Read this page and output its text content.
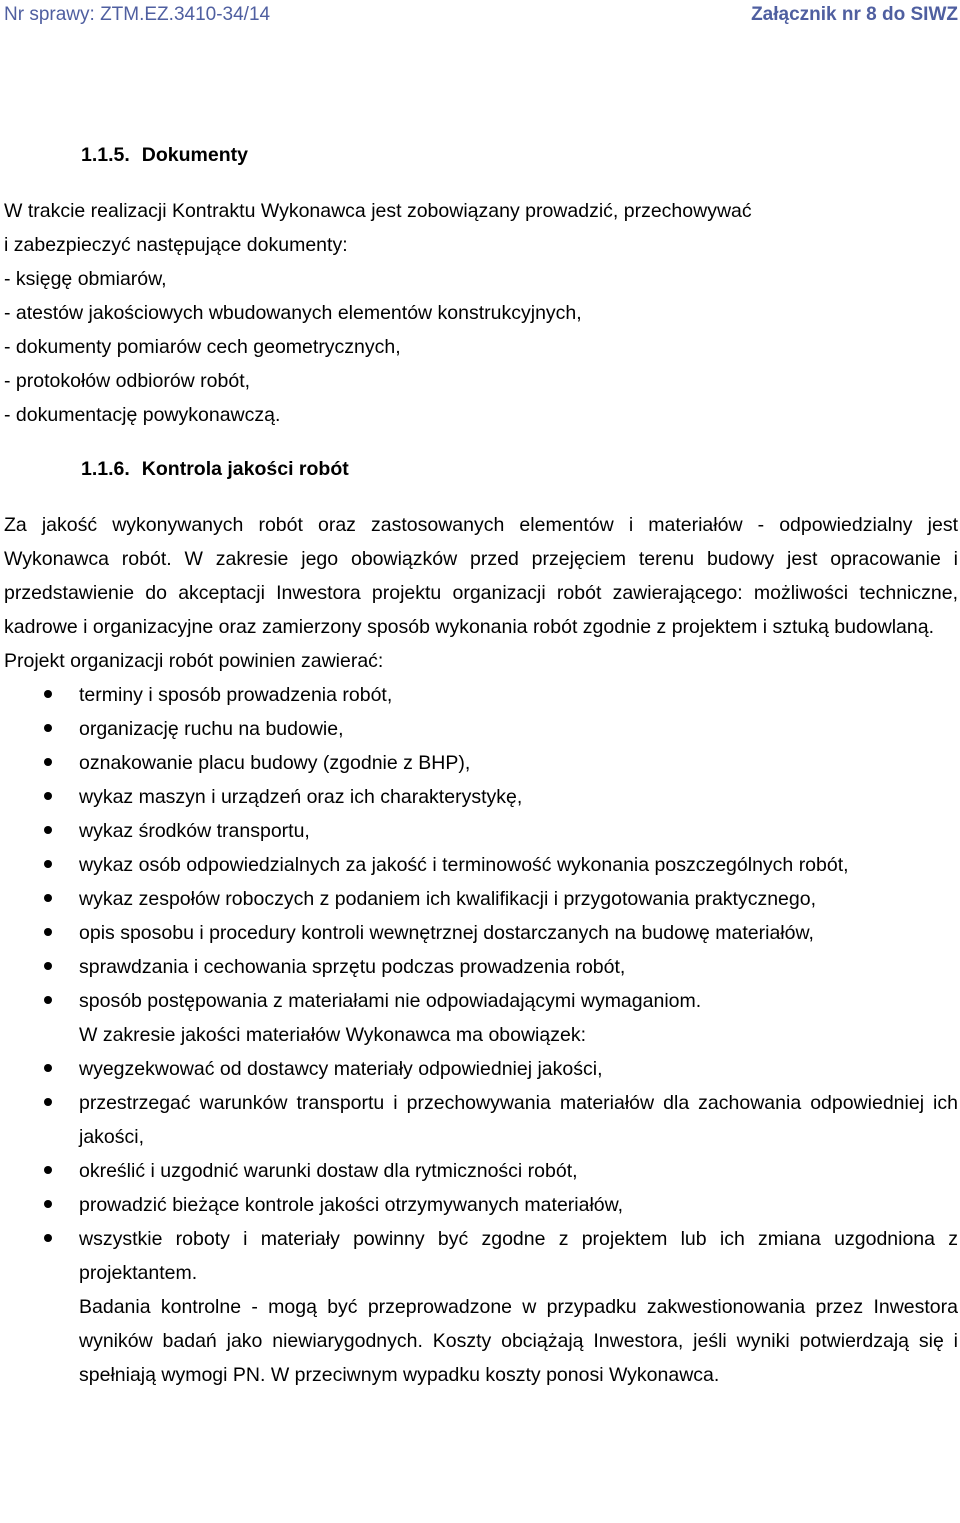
Nr sprawy: ZTM.EZ.3410-34/14	Załącznik nr 8 do SIWZ
1.1.5. Dokumenty

W trakcie realizacji Kontraktu Wykonawca jest zobowiązany prowadzić, przechowywać

i zabezpieczyć następujące dokumenty:

- księgę obmiarów,

- atestów jakościowych wbudowanych elementów konstrukcyjnych,

- dokumenty pomiarów cech geometrycznych,

- protokołów odbiorów robót,

- dokumentację powykonawczą.

1.1.6. Kontrola jakości robót

Za jakość wykonywanych robót oraz zastosowanych elementów i materiałów - odpowiedzialny jest Wykonawca robót. W zakresie jego obowiązków przed przejęciem terenu budowy jest opracowanie i przedstawienie do akceptacji Inwestora projektu organizacji robót zawierającego: możliwości techniczne, kadrowe i organizacyjne oraz zamierzony sposób wykonania robót zgodnie z projektem i sztuką budowlaną.

Projekt organizacji robót powinien zawierać:

terminy i sposób prowadzenia robót,
organizację ruchu na budowie,
oznakowanie placu budowy (zgodnie z BHP),
wykaz maszyn i urządzeń oraz ich charakterystykę,
wykaz środków transportu,
wykaz osób odpowiedzialnych za jakość i terminowość wykonania poszczególnych robót,
wykaz zespołów roboczych z podaniem ich kwalifikacji i przygotowania praktycznego,
opis sposobu i procedury kontroli wewnętrznej dostarczanych na budowę materiałów,
sprawdzania i cechowania sprzętu podczas prowadzenia robót,
sposób postępowania z materiałami nie odpowiadającymi wymaganiom.

W zakresie jakości materiałów Wykonawca ma obowiązek:

wyegzekwować od dostawcy materiały odpowiedniej jakości,
przestrzegać warunków transportu i przechowywania materiałów dla zachowania odpowiedniej ich jakości,
określić i uzgodnić warunki dostaw dla rytmiczności robót,
prowadzić bieżące kontrole jakości otrzymywanych materiałów,
wszystkie roboty i materiały powinny być zgodne z projektem lub ich zmiana uzgodniona z projektantem.

Badania kontrolne - mogą być przeprowadzone w przypadku zakwestionowania przez Inwestora wyników badań jako niewiarygodnych. Koszty obciążają Inwestora, jeśli wyniki potwierdzają się i spełniają wymogi PN. W przeciwnym wypadku koszty ponosi Wykonawca.
